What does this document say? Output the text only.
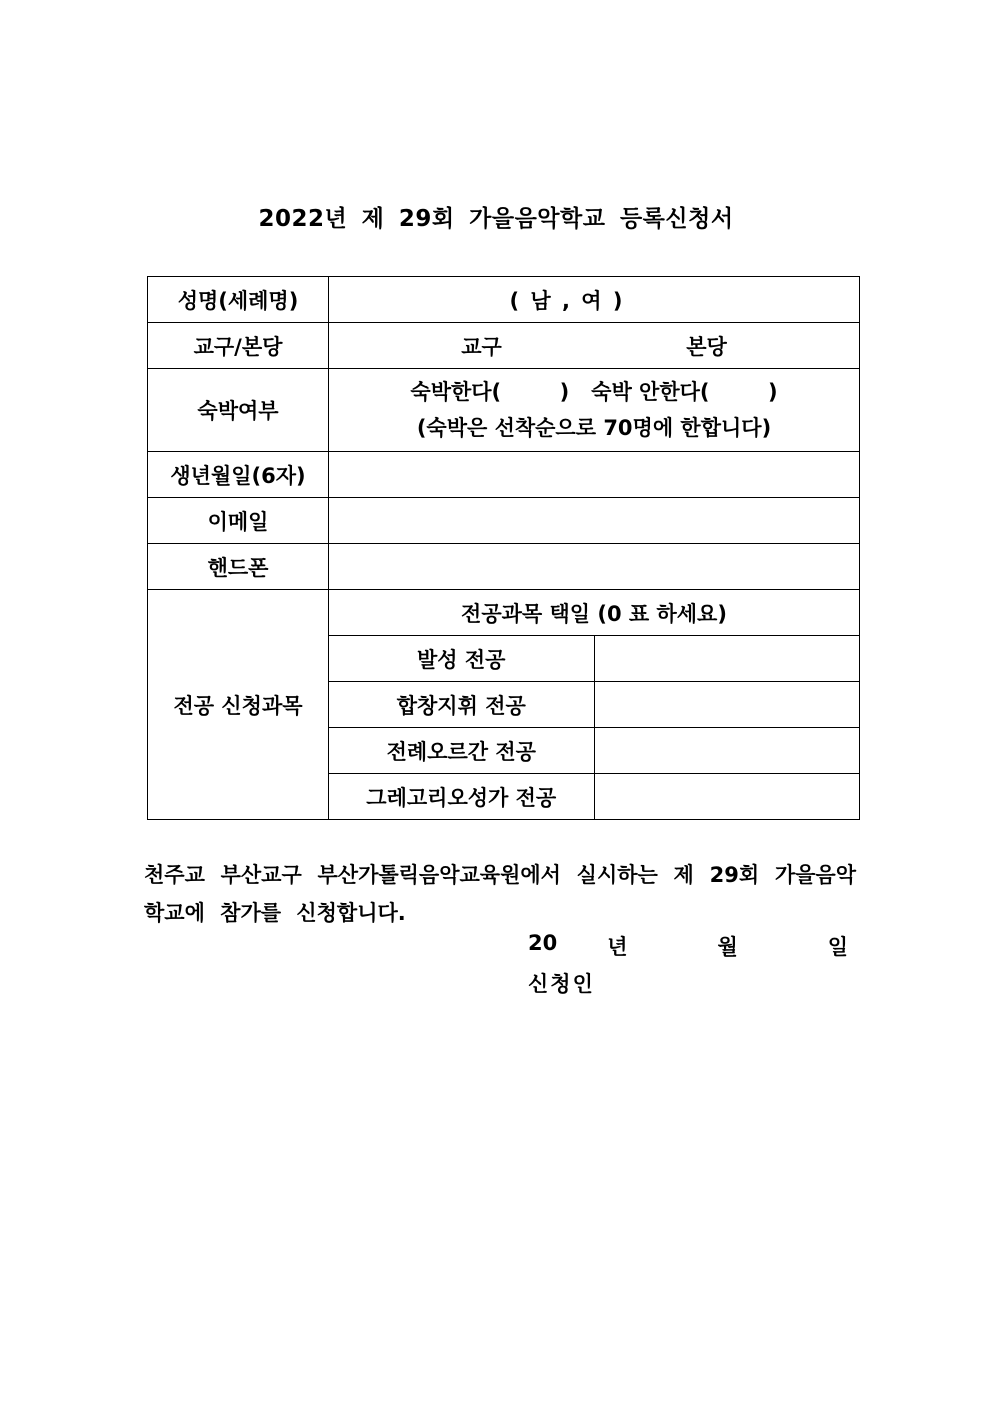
2022년 제 29회 가을음악학교 등록신청서
성명(세례명)	( 남 , 여 )	
교구/본당	교구 본당	

숙박여부	숙박한다(        )   숙박 안한다(        )
(숙박은 선착순으로 70명에 한합니다)	

생년월일(6자)		
이메일		
핸드폰		
전공 신청과목	전공과목 택일 (0 표 하세요)	
	발성 전공	
	합창지휘 전공	
	전례오르간 전공	
	그레고리오성가 전공	
천주교 부산교구 부산가톨릭음악교육원에서 실시하는 제 29회 가을음악학교에 참가를 신청합니다.
20 년	월	일
신청인
